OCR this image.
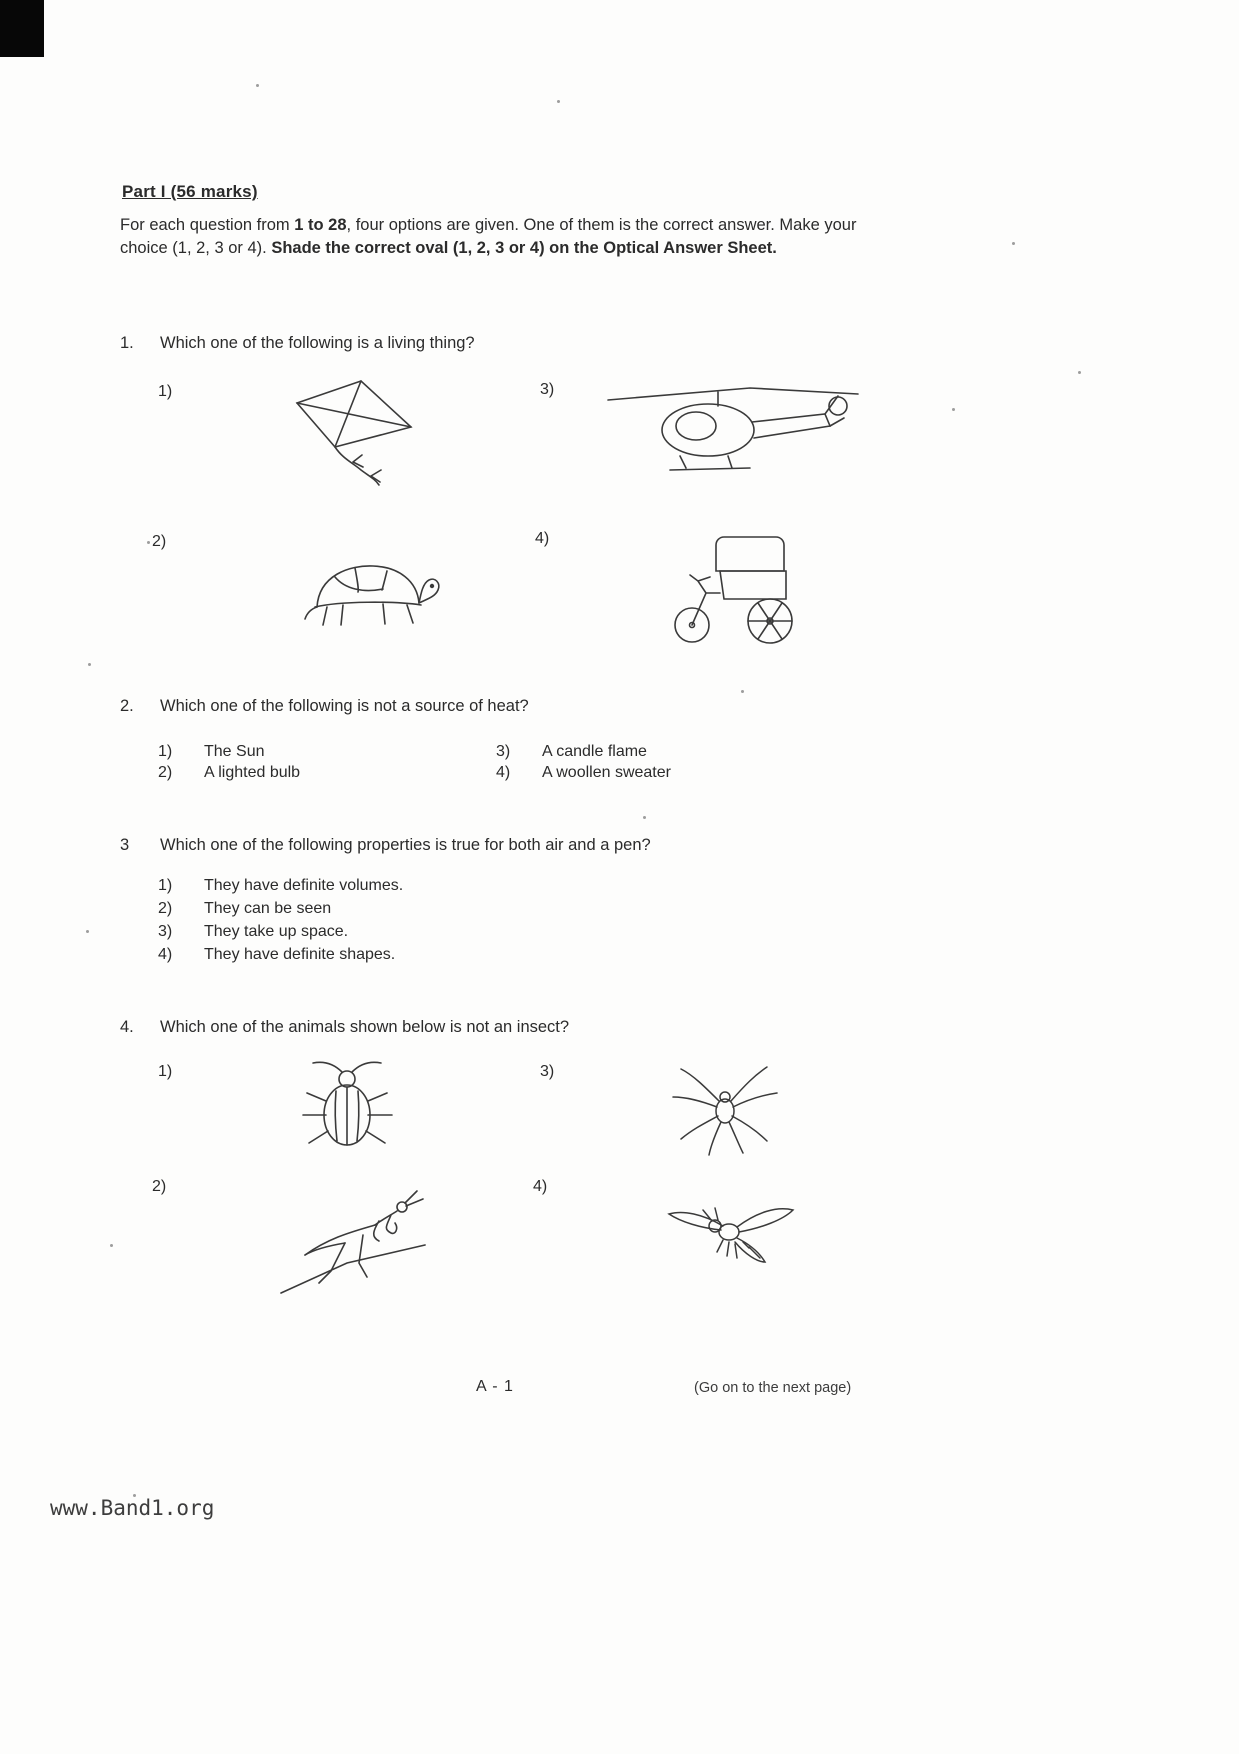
Part I (56 marks)

For each question from 1 to 28, four options are given. One of them is the correct answer. Make your choice (1, 2, 3 or 4). Shade the correct oval (1, 2, 3 or 4) on the Optical Answer Sheet.

1.	Which one of the following is a living thing?
1)	3)
2)	4)
2.	Which one of the following is not a source of heat?
1)	The Sun	3)	A candle flame
2)	A lighted bulb	4)	A woollen sweater
3	Which one of the following properties is true for both air and a pen?
1)	They have definite volumes.
2)	They can be seen
3)	They take up space.
4)	They have definite shapes.
4.	Which one of the animals shown below is not an insect?
1)	3)
2)	4)
A - 1	(Go on to the next page)
www.Band1.org
